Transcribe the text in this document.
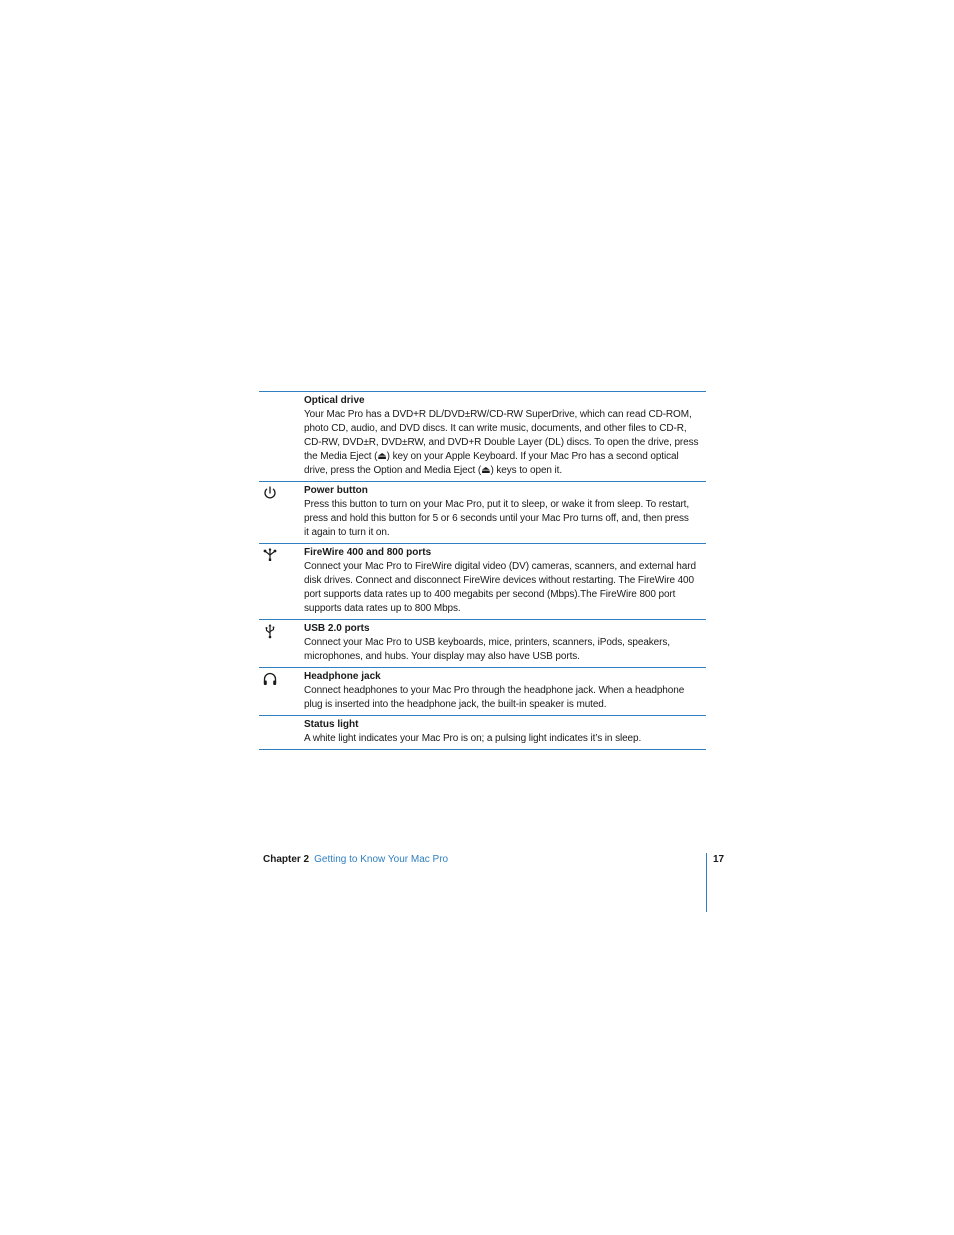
Optical drive

Your Mac Pro has a DVD+R DL/DVD±RW/CD-RW SuperDrive, which can read CD-ROM,
photo CD, audio, and DVD discs. It can write music, documents, and other files to CD-R,
CD-RW, DVD±R, DVD±RW, and DVD+R Double Layer (DL) discs. To open the drive, press
the Media Eject (⏏) key on your Apple Keyboard. If your Mac Pro has a second optical
drive, press the Option and Media Eject (⏏) keys to open it.

Power button

Press this button to turn on your Mac Pro, put it to sleep, or wake it from sleep. To restart,
press and hold this button for 5 or 6 seconds until your Mac Pro turns off, and, then press
it again to turn it on.

FireWire 400 and 800 ports

Connect your Mac Pro to FireWire digital video (DV) cameras, scanners, and external hard
disk drives. Connect and disconnect FireWire devices without restarting. The FireWire 400
port supports data rates up to 400 megabits per second (Mbps).The FireWire 800 port
supports data rates up to 800 Mbps.

USB 2.0 ports

Connect your Mac Pro to USB keyboards, mice, printers, scanners, iPods, speakers,
microphones, and hubs. Your display may also have USB ports.

Headphone jack

Connect headphones to your Mac Pro through the headphone jack. When a headphone
plug is inserted into the headphone jack, the built-in speaker is muted.

Status light

A white light indicates your Mac Pro is on; a pulsing light indicates it’s in sleep.

Chapter 2 Getting to Know Your Mac Pro	17
